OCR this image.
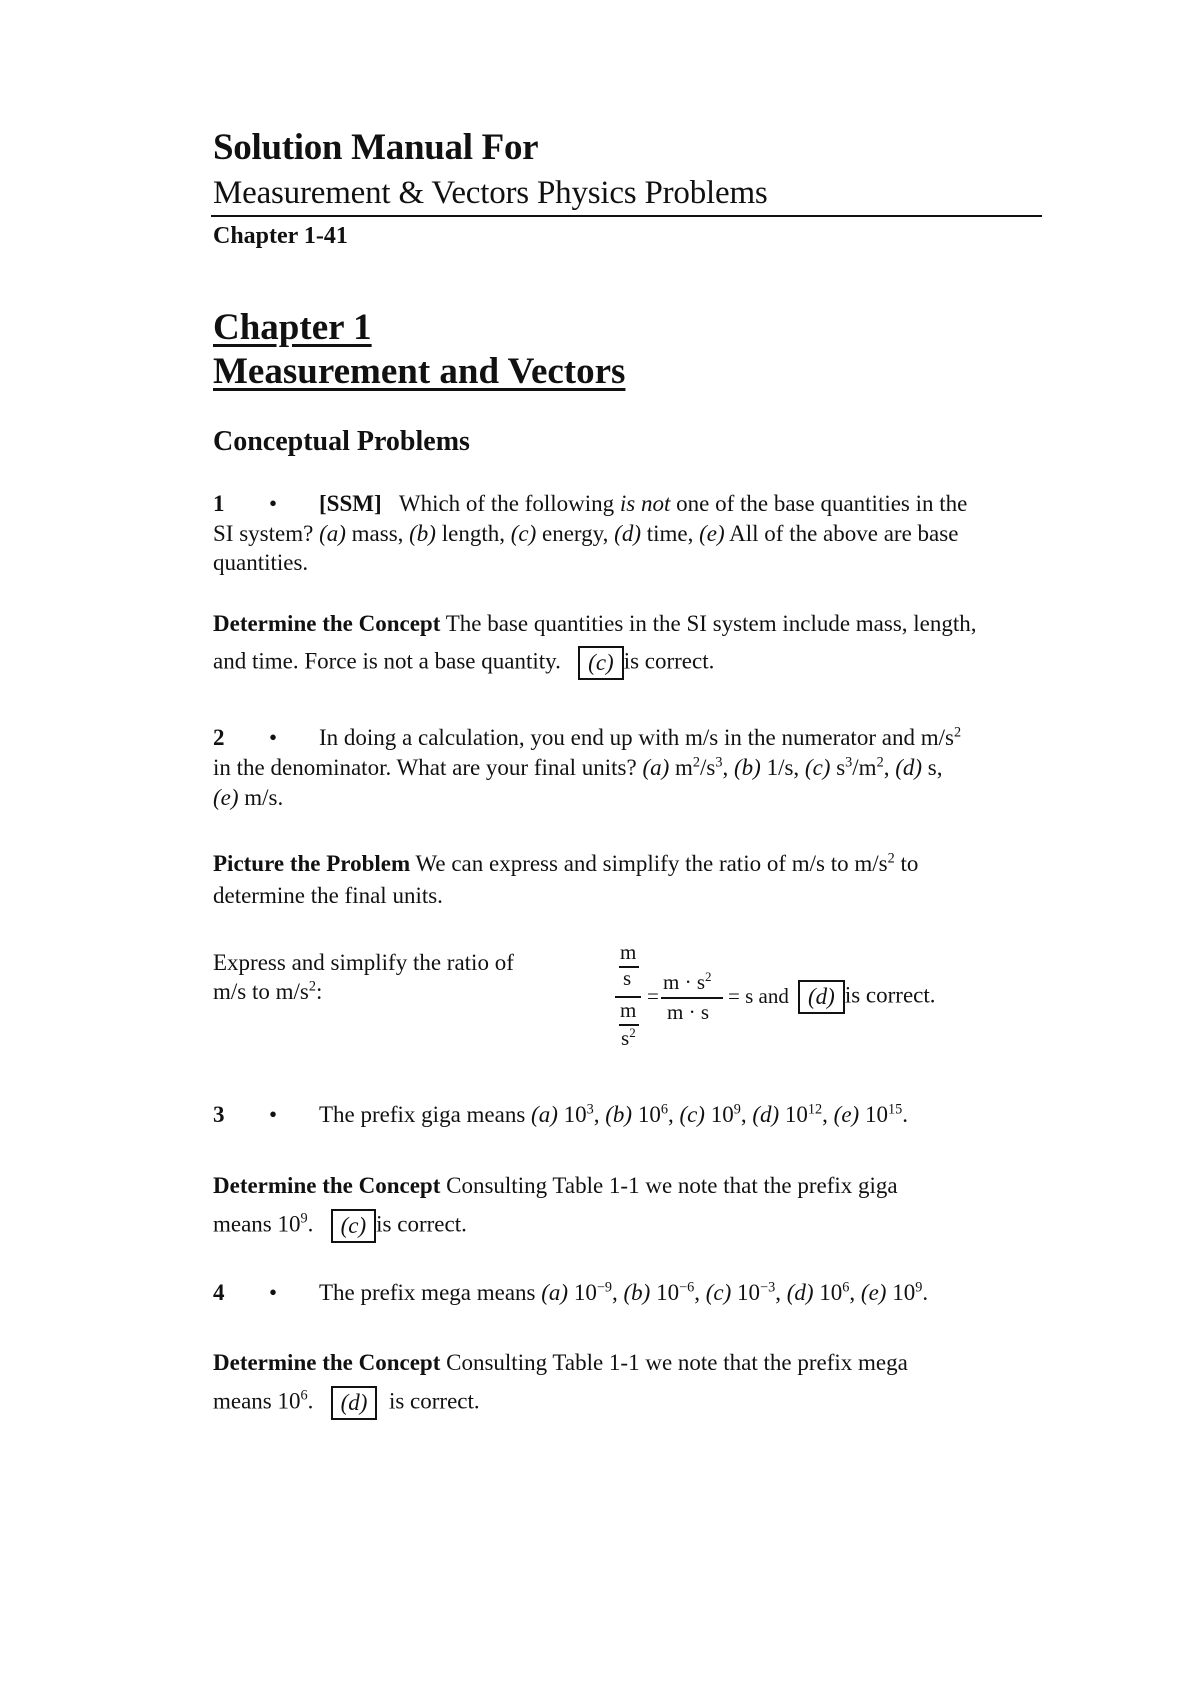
Solution Manual For
Measurement & Vectors Physics Problems
Chapter 1-41
Chapter 1
Measurement and Vectors
Conceptual Problems
1 • [SSM] Which of the following is not one of the base quantities in the
SI system? (a) mass, (b) length, (c) energy, (d) time, (e) All of the above are base
quantities.
Determine the Concept The base quantities in the SI system include mass, length,
and time. Force is not a base quantity. (c) is correct.
2 • In doing a calculation, you end up with m/s in the numerator and $m/s^2$
in the denominator. What are your final units? (a) $m^2/s^3$, (b) 1/s, (c) $s^3/m^2$, (d) s,
(e) m/s.
Picture the Problem We can express and simplify the ratio of m/s to $m/s^2$ to
determine the final units.
Express and simplify the ratio of
m/s to $m/s^2$:
m
s
m
$s^2$
=
$m \cdot s^2$
m · s
= s and (d) is correct.
3 • The prefix giga means (a) $10^3$, (b) $10^6$, (c) $10^9$, (d) $10^{12}$, (e) $10^{15}$.
Determine the Concept Consulting Table 1-1 we note that the prefix giga
means $10^9$. (c) is correct.
4 • The prefix mega means (a) $10^{-9}$, (b) $10^{-6}$, (c) $10^{-3}$, (d) $10^6$, (e) $10^9$.
Determine the Concept Consulting Table 1-1 we note that the prefix mega
means $10^6$. (d) is correct.
